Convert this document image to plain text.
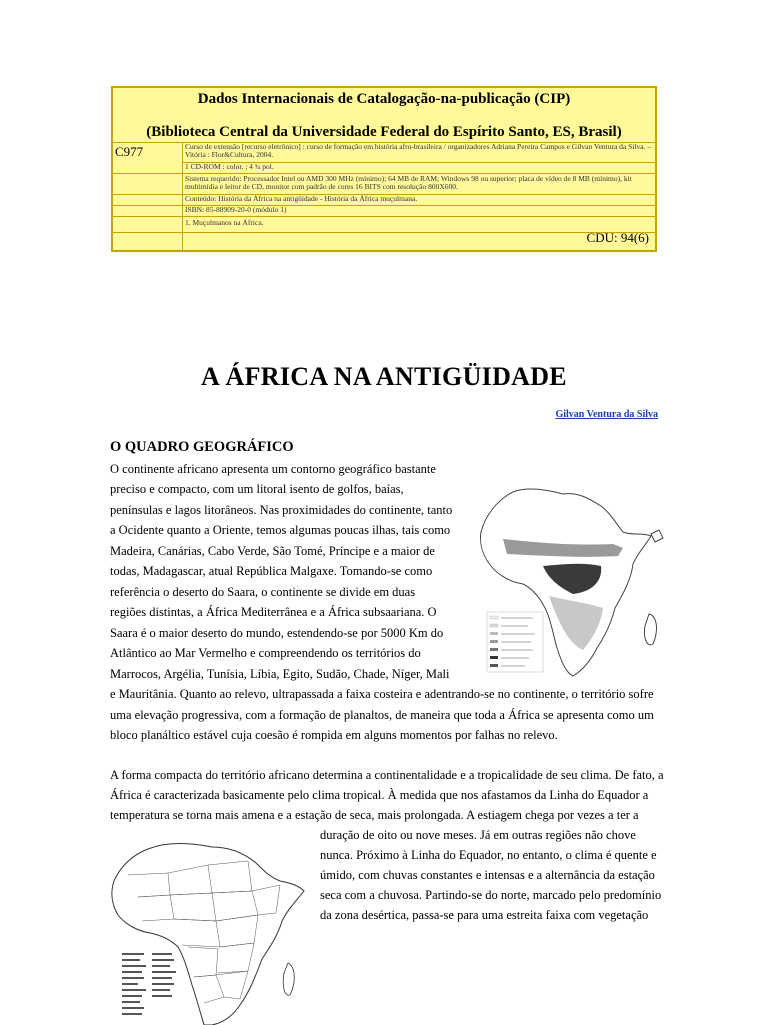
Dados Internacionais de Catalogação-na-publicação (CIP)
(Biblioteca Central da Universidade Federal do Espírito Santo, ES, Brasil)
C977	Curso de extensão [recurso eletrônico] : curso de formação em história afro-brasileira / organizadores Adriana Pereira Campos e Gilvan Ventura da Silva. – Vitória : Flor&Cultura, 2004.
1 CD-ROM : color. ; 4 ¾ pol.
Sistema requerido: Processador Intel ou AMD 300 MHz (mínimo); 64 MB de RAM; Windows 98 ou superior; placa de vídeo de 8 MB (mínimo), kit multimídia e leitor de CD, monitor com padrão de cores 16 BITS com resolução 800X600.
Conteúdo: História da África na antigüidade - História da África muçulmana.
ISBN: 85-88909-20-0 (módulo 1)
1. Muçulmanos na África.
CDU: 94(6)
A ÁFRICA NA ANTIGÜIDADE
Gilvan Ventura da Silva
O QUADRO GEOGRÁFICO
O continente africano apresenta um contorno geográfico bastante
preciso e compacto, com um litoral isento de golfos, baías,
penínsulas e lagos litorâneos. Nas proximidades do continente, tanto
a Ocidente quanto a Oriente, temos algumas poucas ilhas, tais como
Madeira, Canárias, Cabo Verde, São Tomé, Príncipe e a maior de
todas, Madagascar, atual República Malgaxe. Tomando-se como
referência o deserto do Saara, o continente se divide em duas
regiões distintas, a África Mediterrânea e a África subsaariana. O
Saara é o maior deserto do mundo, estendendo-se por 5000 Km do
Atlântico ao Mar Vermelho e compreendendo os territórios do
Marrocos, Argélia, Tunísia, Líbia, Egito, Sudão, Chade, Níger, Mali
e Mauritânia. Quanto ao relevo, ultrapassada a faixa costeira e adentrando-se no continente, o território sofre
uma elevação progressiva, com a formação de planaltos, de maneira que toda a África se apresenta como um
bloco planáltico estável cuja coesão é rompida em alguns momentos por falhas no relevo.
A forma compacta do território africano determina a continentalidade e a tropicalidade de seu clima. De fato, a
África é caracterizada basicamente pelo clima tropical. À medida que nos afastamos da Linha do Equador a
temperatura se torna mais amena e a estação de seca, mais prolongada. A estiagem chega por vezes a ter a
duração de oito ou nove meses. Já em outras regiões não chove
nunca. Próximo à Linha do Equador, no entanto, o clima é quente e
úmido, com chuvas constantes e intensas e a alternância da estação
seca com a chuvosa. Partindo-se do norte, marcado pelo predomínio
da zona desértica, passa-se para uma estreita faixa com vegetação
